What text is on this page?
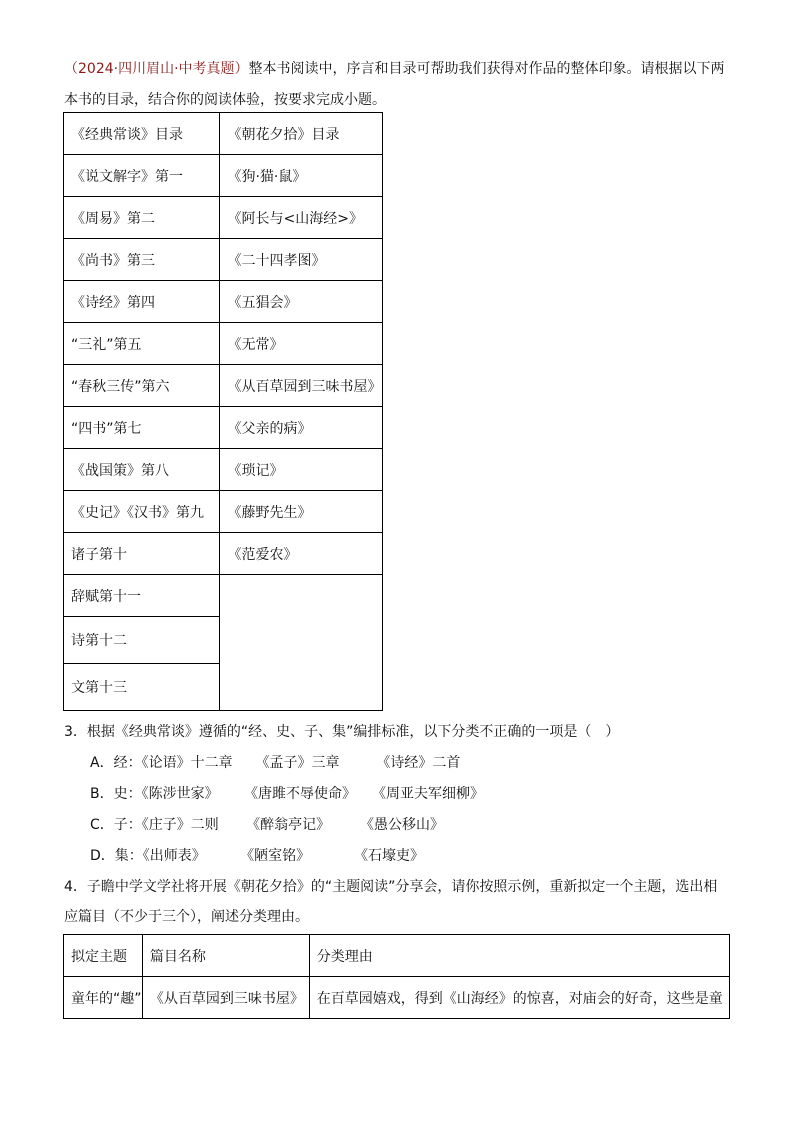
（2024·四川眉山·中考真题）整本书阅读中，序言和目录可帮助我们获得对作品的整体印象。请根据以下两
本书的目录，结合你的阅读体验，按要求完成小题。
《经典常谈》目录	《朝花夕拾》目录
《说文解字》第一	《狗·猫·鼠》
《周易》第二	《阿长与<山海经>》
《尚书》第三	《二十四孝图》
《诗经》第四	《五猖会》
“三礼”第五	《无常》
“春秋三传”第六	《从百草园到三味书屋》
“四书”第七	《父亲的病》
《战国策》第八	《琐记》
《史记》《汉书》第九	《藤野先生》
诸子第十	《范爱农》
辞赋第十一	
诗第十二	
文第十三	
3．根据《经典常谈》遵循的“经、史、子、集”编排标准，以下分类不正确的一项是（　）
A．经：《论语》十二章　  《孟子》三章　　  《诗经》二首
B．史：《陈涉世家》　　 《唐雎不辱使命》　  《周亚夫军细柳》
C．子：《庄子》二则　   《醉翁亭记》　　  《愚公移山》
D．集：《出师表》　　   《陋室铭》　　　  《石壕吏》
4．子瞻中学文学社将开展《朝花夕拾》的“主题阅读”分享会，请你按照示例，重新拟定一个主题，选出相
应篇目（不少于三个），阐述分类理由。
拟定主题	篇目名称	分类理由
童年的“趣”	《从百草园到三味书屋》	在百草园嬉戏，得到《山海经》的惊喜，对庙会的好奇，这些是童
